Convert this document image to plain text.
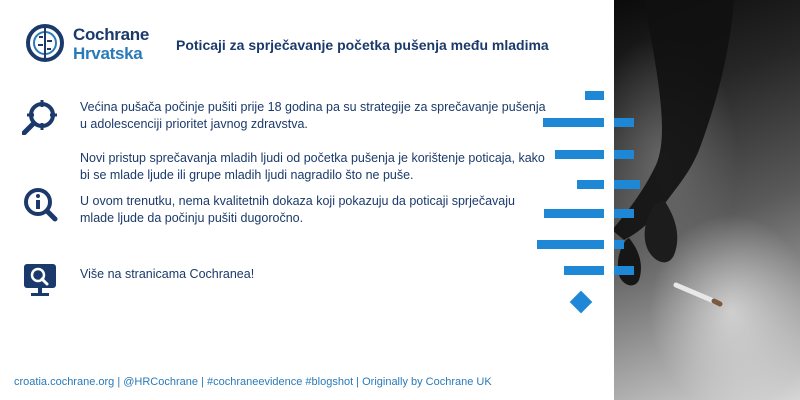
Cochrane
Hrvatska Poticaji za sprječavanje početka pušenja među mladima

Većina pušača počinje pušiti prije 18 godina pa su strategije za sprečavanje pušenja u adolescenciji prioritet javnog zdravstva.

Novi pristup sprečavanja mladih ljudi od početka pušenja je korištenje poticaja, kako bi se mlade ljude ili grupe mladih ljudi nagradilo što ne puše.

U ovom trenutku, nema kvalitetnih dokaza koji pokazuju da poticaji sprječavaju mlade ljude da počinju pušiti dugoročno.

Više na stranicama Cochranea!

croatia.cochrane.org | @HRCochrane | #cochraneevidence #blogshot | Originally by Cochrane UK
